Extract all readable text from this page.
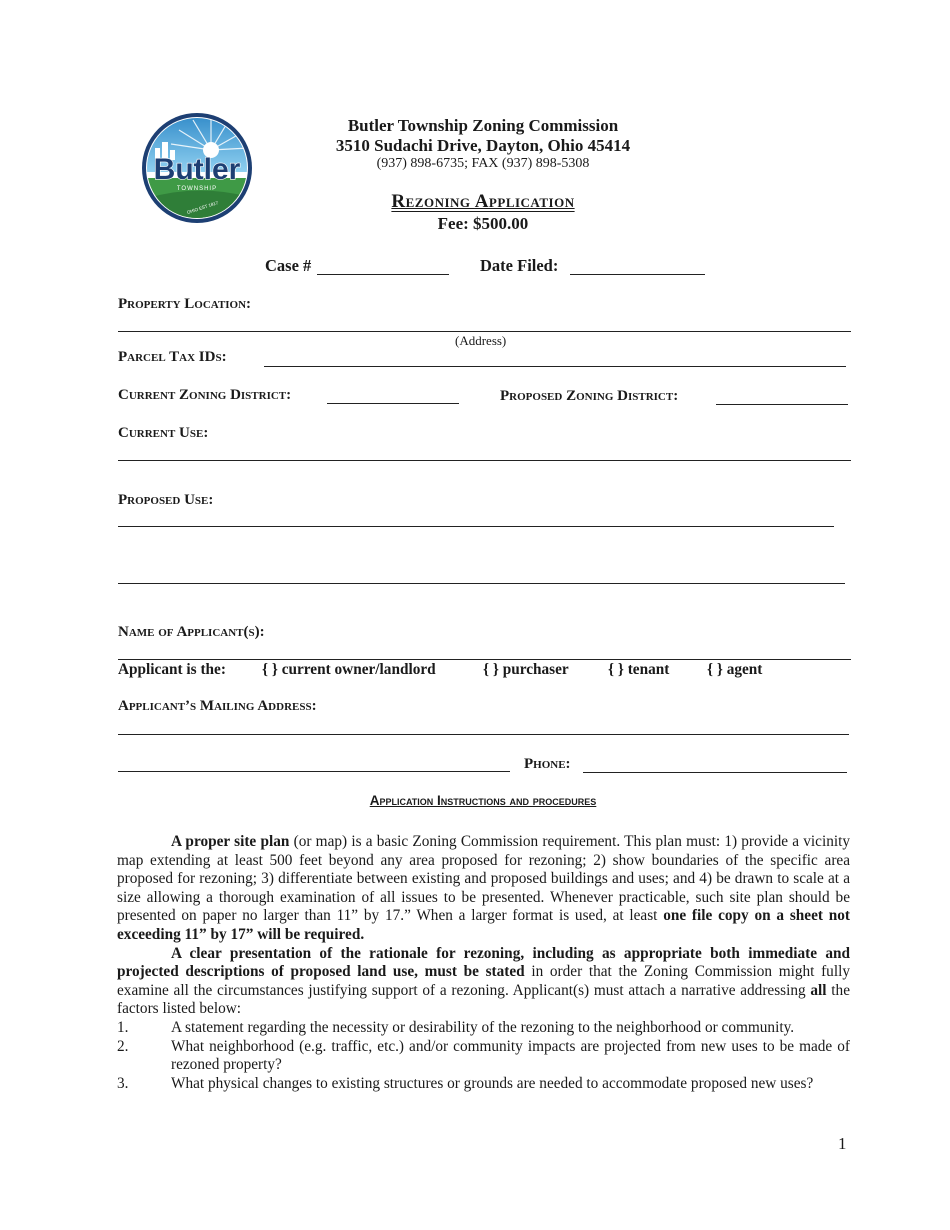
Butler
TOWNSHIP
OHIO EST 1817
Butler Township Zoning Commission
3510 Sudachi Drive, Dayton, Ohio 45414
(937) 898-6735; FAX (937) 898-5308
Rezoning Application
Fee: $500.00
Case #	Date Filed:
Property Location:
(Address)
Parcel Tax IDs:
Current Zoning District:	Proposed Zoning District:
Current Use:
Proposed Use:
Name of Applicant(s):
Applicant is the: { } current owner/landlord	{ } purchaser	{ } tenant { } agent
Applicant’s Mailing Address:
Phone:
Application Instructions and procedures

A proper site plan (or map) is a basic Zoning Commission requirement. This plan must: 1) provide a vicinity map extending at least 500 feet beyond any area proposed for rezoning; 2) show boundaries of the specific area proposed for rezoning; 3) differentiate between existing and proposed buildings and uses; and 4) be drawn to scale at a size allowing a thorough examination of all issues to be presented. Whenever practicable, such site plan should be presented on paper no larger than 11” by 17.” When a larger format is used, at least one file copy on a sheet not exceeding 11” by 17” will be required.

A clear presentation of the rationale for rezoning, including as appropriate both immediate and projected descriptions of proposed land use, must be stated in order that the Zoning Commission might fully examine all the circumstances justifying support of a rezoning. Applicant(s) must attach a narrative addressing all the factors listed below:

1.	A statement regarding the necessity or desirability of the rezoning to the neighborhood or community.
2.	What neighborhood (e.g. traffic, etc.) and/or community impacts are projected from new uses to be made of rezoned property?
3.	What physical changes to existing structures or grounds are needed to accommodate proposed new uses?
1
